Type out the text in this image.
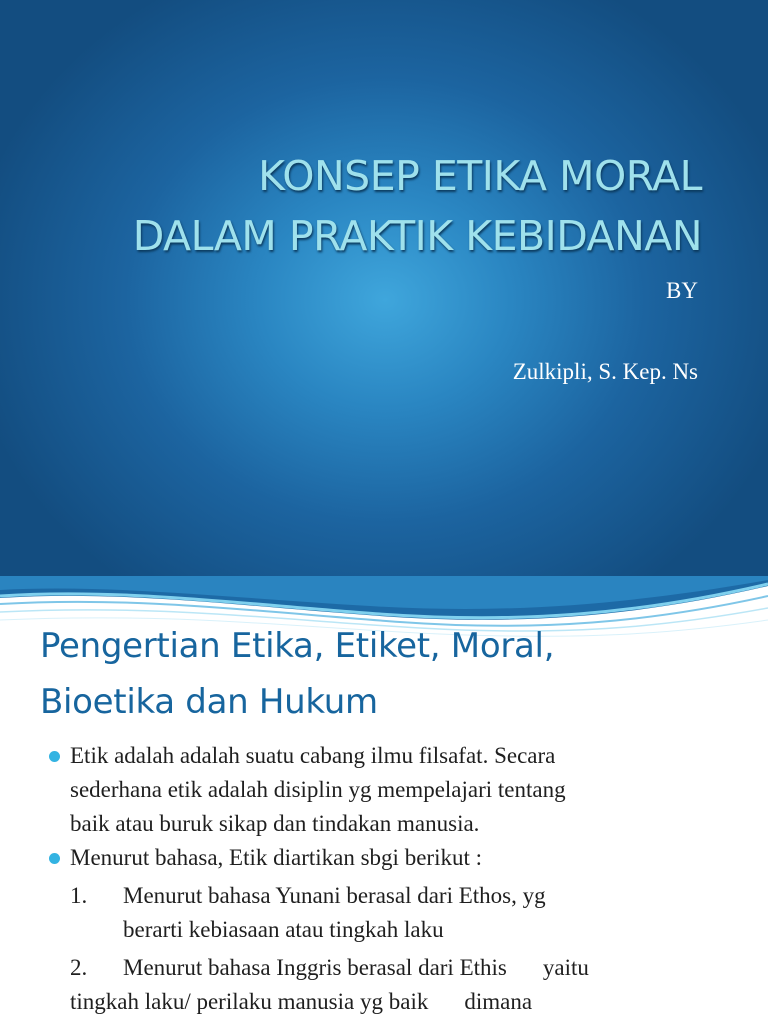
KONSEP ETIKA MORAL
DALAM PRAKTIK KEBIDANAN
BY
Zulkipli, S. Kep. Ns
Pengertian Etika, Etiket, Moral,
Bioetika dan Hukum
Etik adalah adalah suatu cabang ilmu filsafat. Secara
sederhana etik adalah disiplin yg mempelajari tentang
baik atau buruk sikap dan tindakan manusia.
Menurut bahasa, Etik diartikan sbgi berikut :
1. Menurut bahasa Yunani berasal dari Ethos, yg
berarti kebiasaan atau tingkah laku
2. Menurut bahasa Inggris berasal dari Ethis yaitu
tingkah laku/ perilaku manusia yg baik dimana
